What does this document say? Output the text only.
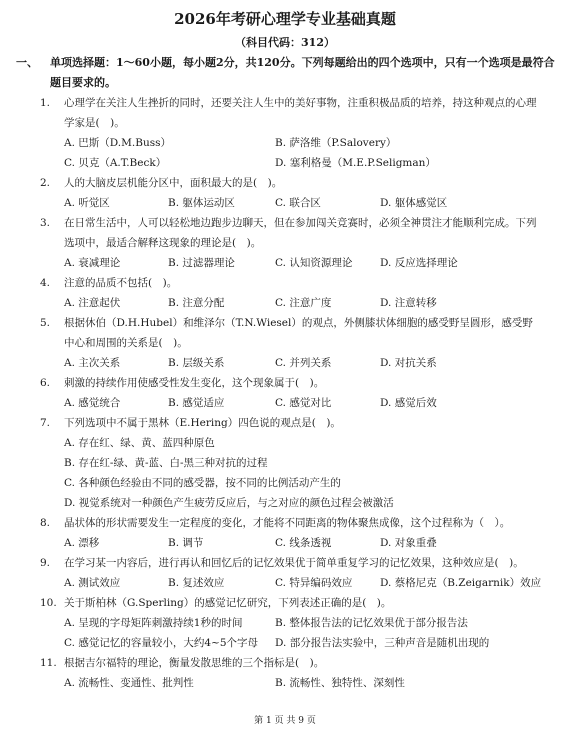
2026年考研心理学专业基础真题
（科目代码：312）
一、 单项选择题：1～60小题，每小题2分，共120分。下列每题给出的四个选项中，只有一个选项是最符合题目要求的。
1. 心理学在关注人生挫折的同时，还要关注人生中的美好事物，注重积极品质的培养，持这种观点的心理学家是(　)。
A. 巴斯（D.M.Buss）	B. 萨洛维（P.Salovery）
C. 贝克（A.T.Beck）	D. 塞利格曼（M.E.P.Seligman）
2. 人的大脑皮层机能分区中，面积最大的是(　)。
A. 听觉区	B. 躯体运动区	C. 联合区	D. 躯体感觉区
3. 在日常生活中，人可以轻松地边跑步边聊天，但在参加闯关竞赛时，必须全神贯注才能顺利完成。下列选项中，最适合解释这现象的理论是(　)。
A. 衰减理论	B. 过滤器理论	C. 认知资源理论	D. 反应选择理论
4. 注意的品质不包括(　)。
A. 注意起伏	B. 注意分配	C. 注意广度	D. 注意转移
5. 根据休伯（D.H.Hubel）和维泽尔（T.N.Wiesel）的观点，外侧膝状体细胞的感受野呈圆形，感受野中心和周围的关系是(　)。
A. 主次关系	B. 层级关系	C. 并列关系	D. 对抗关系
6. 刺激的持续作用使感受性发生变化，这个现象属于(　)。
A. 感觉统合	B. 感觉适应	C. 感觉对比	D. 感觉后效
7. 下列选项中不属于黑林（E.Hering）四色说的观点是(　)。
A. 存在红、绿、黄、蓝四种原色
B. 存在红-绿、黄-蓝、白-黑三种对抗的过程
C. 各种颜色经验由不同的感受器，按不同的比例活动产生的
D. 视觉系统对一种颜色产生疲劳反应后，与之对应的颜色过程会被激活
8. 晶状体的形状需要发生一定程度的变化，才能将不同距离的物体聚焦成像，这个过程称为（　）。
A. 漂移	B. 调节	C. 线条透视	D. 对象重叠
9. 在学习某一内容后，进行再认和回忆后的记忆效果优于简单重复学习的记忆效果，这种效应是(　)。
A. 测试效应	B. 复述效应	C. 特异编码效应	D. 蔡格尼克（B.Zeigarnik）效应
10. 关于斯柏林（G.Sperling）的感觉记忆研究，下列表述正确的是(　)。
A. 呈现的字母矩阵刺激持续1秒的时间	B. 整体报告法的记忆效果优于部分报告法
C. 感觉记忆的容量较小，大约4~5个字母 D. 部分报告法实验中，三种声音是随机出现的
11. 根据吉尔福特的理论，衡量发散思维的三个指标是(　)。
A. 流畅性、变通性、批判性	B. 流畅性、独特性、深刻性
第 1 页 共 9 页
